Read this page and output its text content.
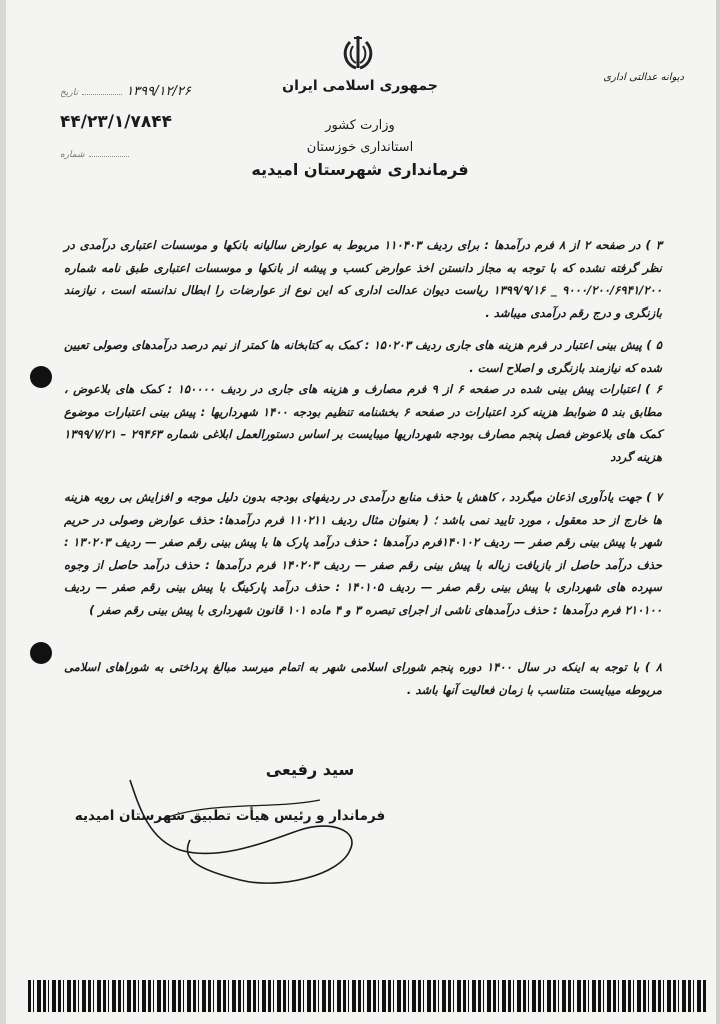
جمهوری اسلامی ایران
وزارت کشور
استانداری خوزستان
فرمانداری شهرستان امیدیه
دیوانه عدالتی اداری
۱۳۹۹/۱۲/۲۶  تاریخ
۴۴/۲۳/۱/۷۸۴۴
شماره

۳ ) در صفحه ۲ از ۸ فرم درآمدها : برای ردیف ۱۱۰۴۰۳ مربوط به عوارض سالیانه بانکها و موسسات اعتباری درآمدی در نظر گرفته نشده که با توجه به مجاز دانستن اخذ عوارض کسب و پیشه از بانکها و موسسات اعتباری طبق نامه شماره ۹۰۰۰/۲۰۰/۶۹۴۱/۲۰۰ _ ۱۳۹۹/۹/۱۶ ریاست دیوان عدالت اداری که این نوع از عوارضات را ابطال ندانسته است ، نیازمند بازنگری و درج رقم درآمدی میباشد .

۵ ) پیش بینی اعتبار در فرم هزینه های جاری ردیف ۱۵۰۲۰۳ : کمک به کتابخانه ها کمتر از نیم درصد درآمدهای وصولی تعیین شده که نیازمند بازنگری و اصلاح است .

۶ ) اعتبارات پیش بینی شده در صفحه ۶ از ۹ فرم مصارف و هزینه های جاری در ردیف ۱۵۰۰۰۰ : کمک های بلاعوض ، مطابق بند ۵ ضوابط هزینه کرد اعتبارات در صفحه ۶ بخشنامه تنظیم بودجه ۱۴۰۰ شهرداریها : پیش بینی اعتبارات موضوع کمک های بلاعوض فصل پنجم مصارف بودجه شهرداریها میبایست بر اساس دستورالعمل ابلاغی شماره ۲۹۴۶۳ – ۱۳۹۹/۷/۲۱ هزینه گردد

۷ ) جهت یادآوری اذعان میگردد ، کاهش یا حذف منابع درآمدی در ردیفهای بودجه بدون دلیل موجه و افزایش بی رویه هزینه ها خارج از حد معقول ، مورد تایید نمی باشد ؛ ( بعنوان مثال ردیف ۱۱۰۲۱۱ فرم درآمدها: حذف عوارض وصولی در حریم شهر با پیش بینی رقم صفر — ردیف ۱۴۰۱۰۲فرم درآمدها : حذف درآمد پارک ها با پیش بینی رقم صفر — ردیف ۱۳۰۲۰۳ : حذف درآمد حاصل از بازیافت زباله با پیش بینی رقم صفر — ردیف ۱۴۰۲۰۳ فرم درآمدها : حذف درآمد حاصل از وجوه سپرده های شهرداری با پیش بینی رقم صفر — ردیف ۱۴۰۱۰۵ : حذف درآمد پارکینگ با پیش بینی رقم صفر — ردیف ۲۱۰۱۰۰ فرم درآمدها : حذف درآمدهای ناشی از اجرای تبصره ۳ و ۴ ماده ۱۰۱ قانون شهرداری با پیش بینی رقم صفر )

۸ ) با توجه به اینکه در سال ۱۴۰۰ دوره پنجم شورای اسلامی شهر به اتمام میرسد مبالغ پرداختی به شوراهای اسلامی مربوطه میبایست متناسب با زمان فعالیت آنها باشد .

سید رفیعی
فرماندار و رئیس هیأت تطبیق شهرستان امیدیه
